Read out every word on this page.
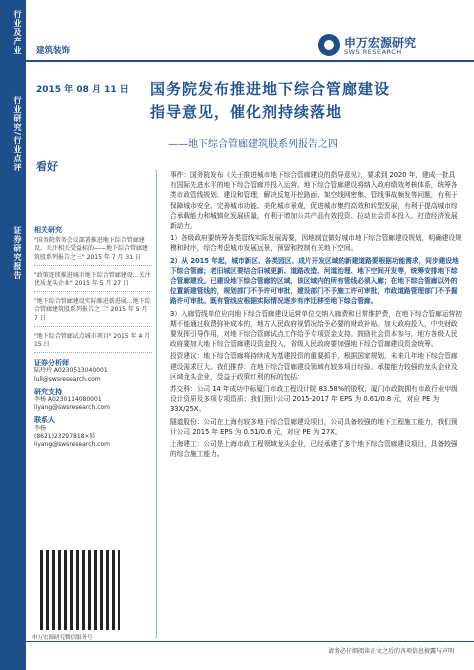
行业及产业
行业研究/行业点评
证券研究报告
建筑装饰
申万宏源研究
SWS RESEARCH
2015 年 08 月 11 日 国务院发布推进地下综合管廊建设
指导意见，催化剂持续落地
——地下综合管廊建筑股系列报告之四
看好
相关研究
"国务院常务会议部署推进地下综合管廊建设，关注相关受益标的——地下综合管廊建筑股系列报告之三" 2015 年 7 月 31 日
"政策连续推进城市地下综合管廊建设…关注优质龙头企业" 2015 年 5 月 27 日
"地下综合管廊建设实际推进新进展…地下综合管廊建筑股系列报告之二" 2015 年 5 月 7 日
"地下综合管廊试点城市项目" 2015 年 4 月 15 日
证券分析师
陆玲玲 A0230513040001
lull@swsresearch.com
研究支持
李杨 A0230114080001
liyang@swsresearch.com
联系人
李杨
(8621)23297818×转
liyang@swsresearch.com
申万宏源研究微信服务号

事件：国务院发布《关于推进城市地下综合管廊建设的指导意见》，要求到 2020 年，建成一批具有国际先进水平的地下综合管廊并投入运营。地下综合管廊建设将纳入政府绩效考核体系，统筹各类市政管线规划、建设和管理，解决反复开挖路面、架空线网密集、管线事故频发等问题，有利于保障城市安全、完善城市功能、美化城市景观，促进城市集约高效和转型发展，有利于提高城市综合承载能力和城镇化发展质量，有利于增加公共产品有效投资、拉动社会资本投入、打造经济发展新动力。

1）各级政府要统筹各类管线实际发展需要，因地制宜做好城市地下综合管廊建设规划，明确建设规模和时序，综合考虑城市发展远景，预留和控制有关地下空间。

2）从 2015 年起，城市新区、各类园区、成片开发区域的新建道路要根据功能需求，同步建设地下综合管廊；老旧城区要结合旧城更新、道路改造、河道治理、地下空间开发等，统筹安排地下综合管廊建设。已建设地下综合管廊的区域，该区域内的所有管线必须入廊；在地下综合管廊以外的位置新建管线的，规划部门不予许可审批，建设部门不予施工许可审批，市政道路管理部门不予掘路许可审批。既有管线应根据实际情况逐步有序迁移至地下综合管廊。

3）入廊管线单位应向地下综合管廊建设运营单位交纳入廊费和日常维护费，在地下综合管廊运营初期不能通过收费弥补成本的，地方人民政府视情况给予必要的财政补贴。加大政府投入，中央财政要发挥引导作用，对地下综合管廊试点工作给予专项资金支持。鼓励社会资本参与，地方各级人民政府要加大地下综合管廊建设资金投入，省级人民政府要加强地下综合管廊建设资金统筹。

投资建议：地下综合管廊将持续成为基建投资的重要抓手，根据国家规划，未来几年地下综合管廊建设需求巨大。我们推荐：在地下综合管廊建设领域有较多项目经验、承接能力较强的龙头企业及区域龙头企业，受益于政策红利的标的包括：

苏交科：公司 14 年成功中标厦门市政工程设计院 83.58%的股权，厦门市政院拥有市政行业甲级设计资质及多项专项资质；我们预计公司 2015-2017 年 EPS 为 0.61/0.8 元，对应 PE 为 33X/25X。

隧道股份：公司在上海有较多地下综合管廊建设项目，公司具备较强的地下工程施工能力，我们预计公司 2015 年 EPS 为 0.51/0.6 元，对应 PE 为 27X。

上海建工：公司是上海市政工程领域龙头企业，已经承建了多个地下综合管廊建设项目，具备较强的综合施工能力。

请务必仔细阅读正文之后的各项信息披露与声明
